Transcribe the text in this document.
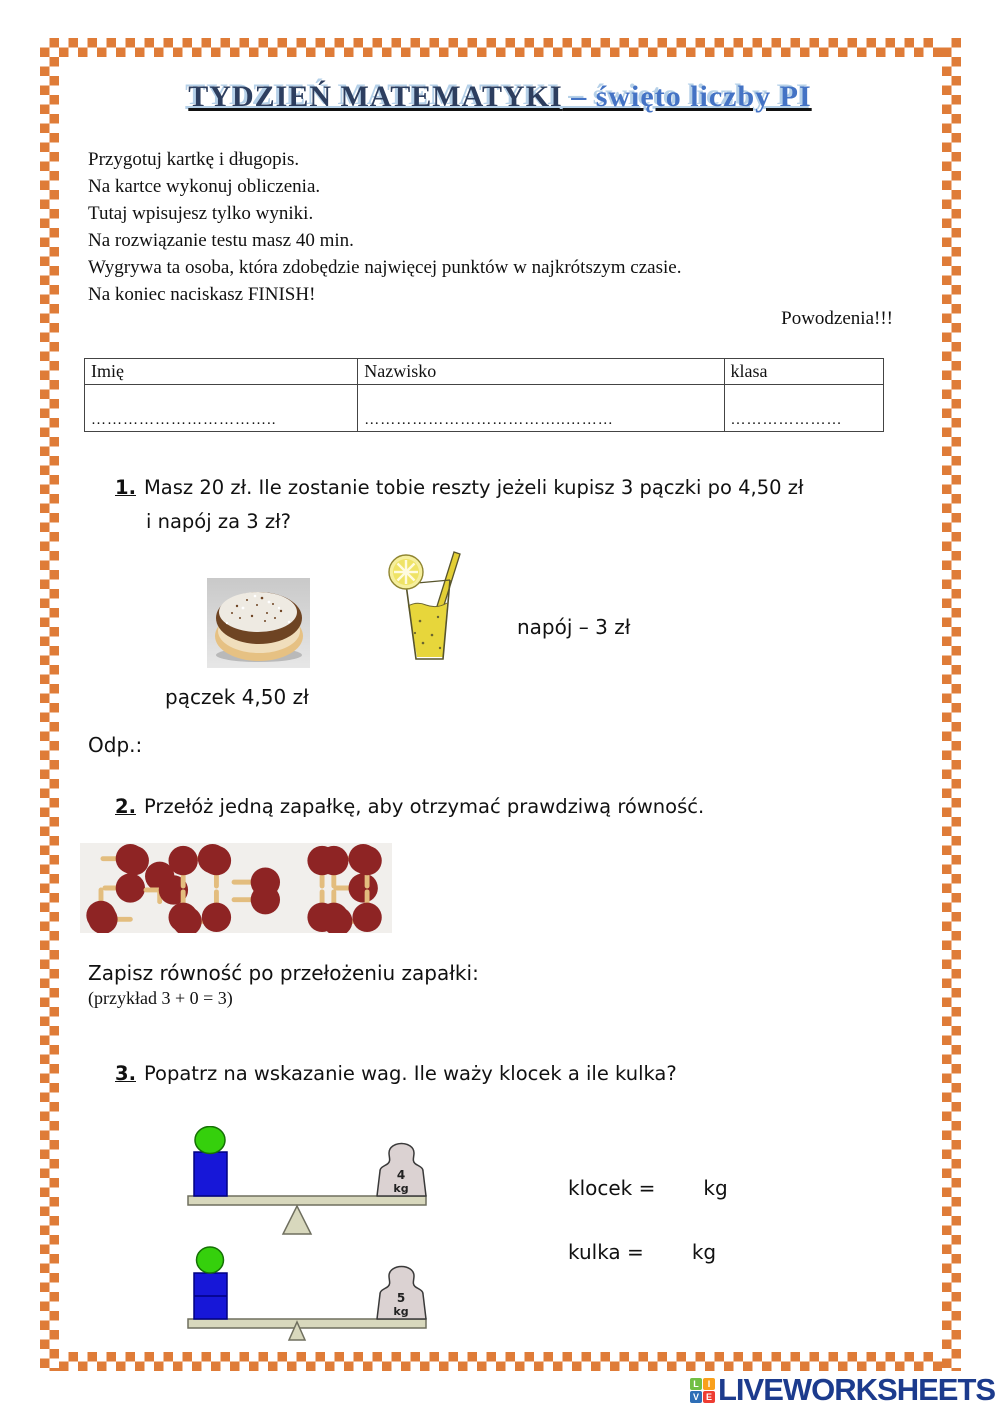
TYDZIEŃ MATEMATYKI – święto liczby PI
Przygotuj kartkę i długopis.
Na kartce wykonuj obliczenia.
Tutaj wpisujesz tylko wyniki.
Na rozwiązanie testu masz 40 min.
Wygrywa ta osoba, która zdobędzie najwięcej punktów w najkrótszym czasie.
Na koniec naciskasz FINISH!
Powodzenia!!!
Imię	Nazwisko	klasa
……………………………..	………………………………..………	…………………
1. Masz 20 zł. Ile zostanie tobie reszty jeżeli kupisz 3 pączki po 4,50 zł
i napój za 3 zł?
napój – 3 zł
pączek 4,50 zł
Odp.:
2. Przełóż jedną zapałkę, aby otrzymać prawdziwą równość.
Zapisz równość po przełożeniu zapałki:
(przykład 3 + 0 = 3)
3. Popatrz na wskazanie wag. Ile waży klocek a ile kulka?
4
kg	klocek = kg
kulka = kg
5
kg
L I
V E LIVEWORKSHEETS
